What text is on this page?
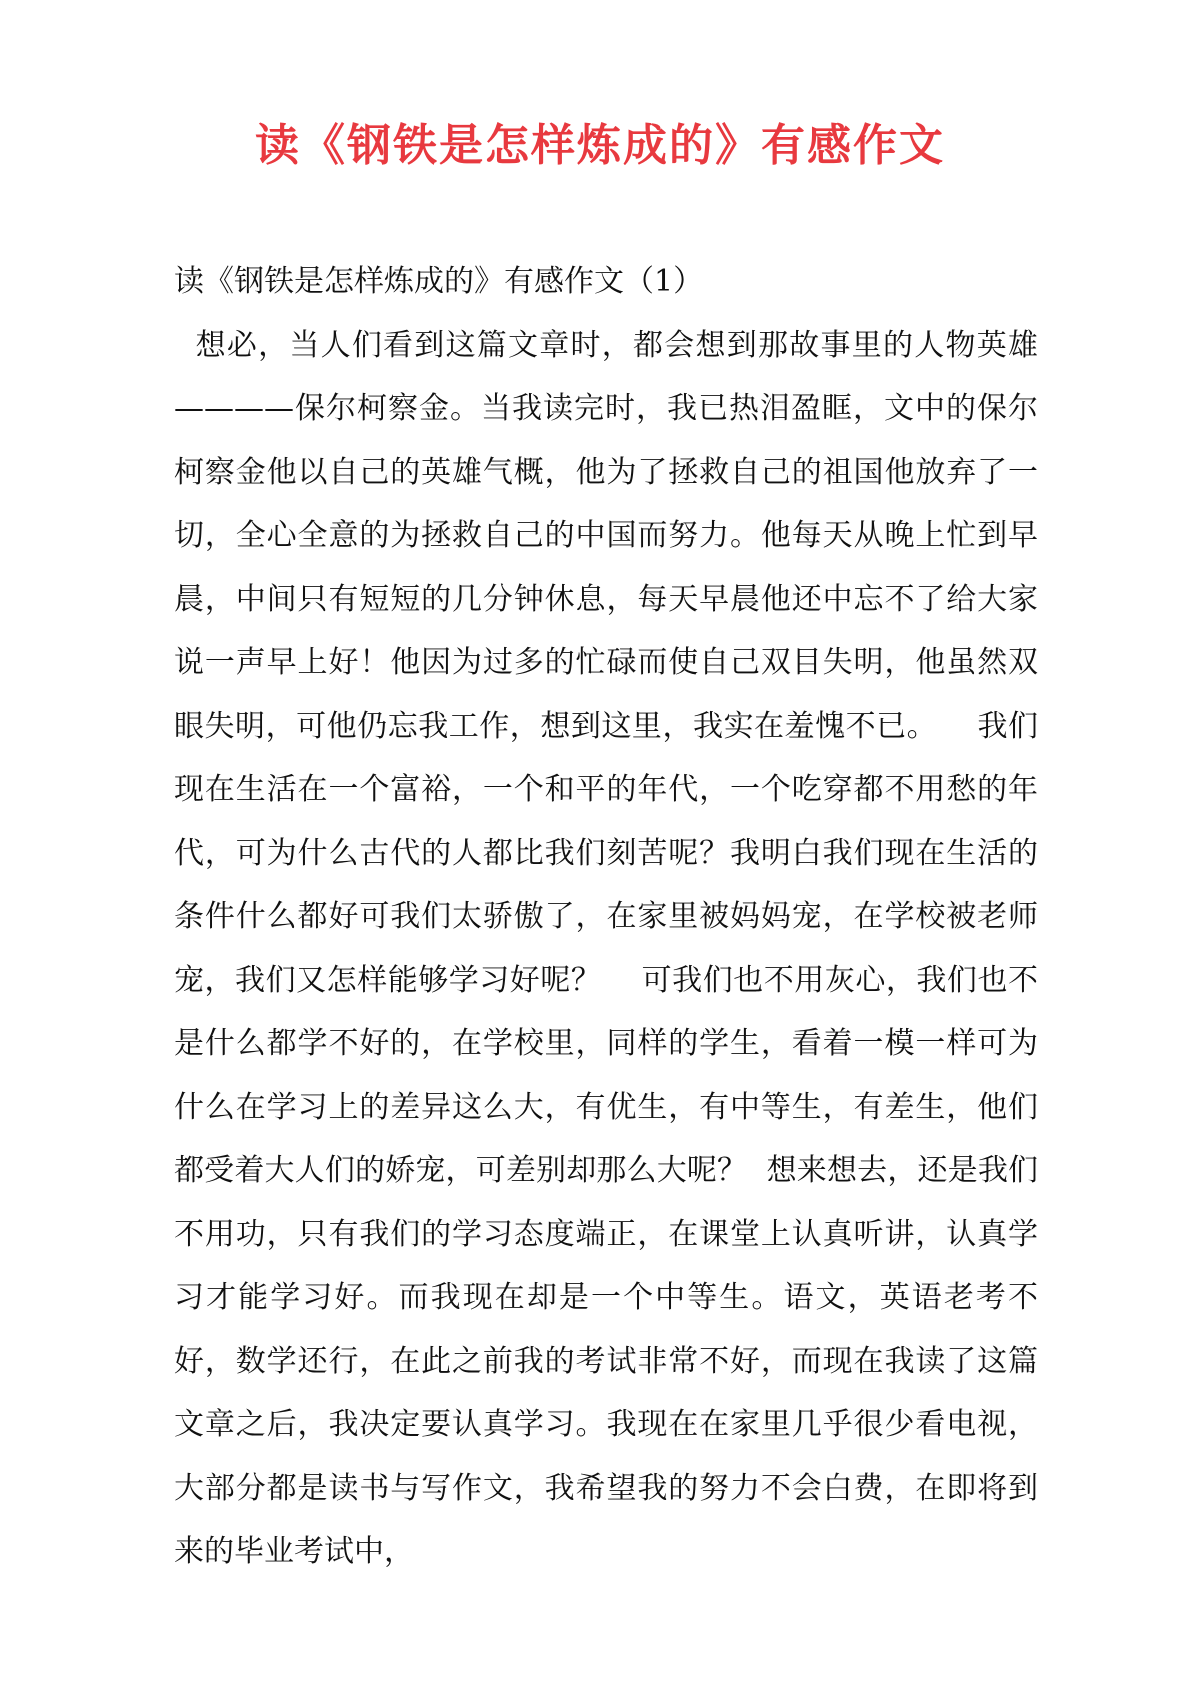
读《钢铁是怎样炼成的》有感作文
读《钢铁是怎样炼成的》有感作文（1）

想必，当人们看到这篇文章时，都会想到那故事里的人物英雄————保尔柯察金。当我读完时，我已热泪盈眶，文中的保尔柯察金他以自己的英雄气概，他为了拯救自己的祖国他放弃了一切，全心全意的为拯救自己的中国而努力。他每天从晚上忙到早晨，中间只有短短的几分钟休息，每天早晨他还中忘不了给大家说一声早上好！他因为过多的忙碌而使自己双目失明，他虽然双眼失明，可他仍忘我工作，想到这里，我实在羞愧不已。    我们现在生活在一个富裕，一个和平的年代，一个吃穿都不用愁的年代，可为什么古代的人都比我们刻苦呢？我明白我们现在生活的条件什么都好可我们太骄傲了，在家里被妈妈宠，在学校被老师宠，我们又怎样能够学习好呢？    可我们也不用灰心，我们也不是什么都学不好的，在学校里，同样的学生，看着一模一样可为什么在学习上的差异这么大，有优生，有中等生，有差生，他们都受着大人们的娇宠，可差别却那么大呢？  想来想去，还是我们不用功，只有我们的学习态度端正，在课堂上认真听讲，认真学习才能学习好。而我现在却是一个中等生。语文，英语老考不好，数学还行，在此之前我的考试非常不好，而现在我读了这篇文章之后，我决定要认真学习。我现在在家里几乎很少看电视，大部分都是读书与写作文，我希望我的努力不会白费，在即将到来的毕业考试中，
